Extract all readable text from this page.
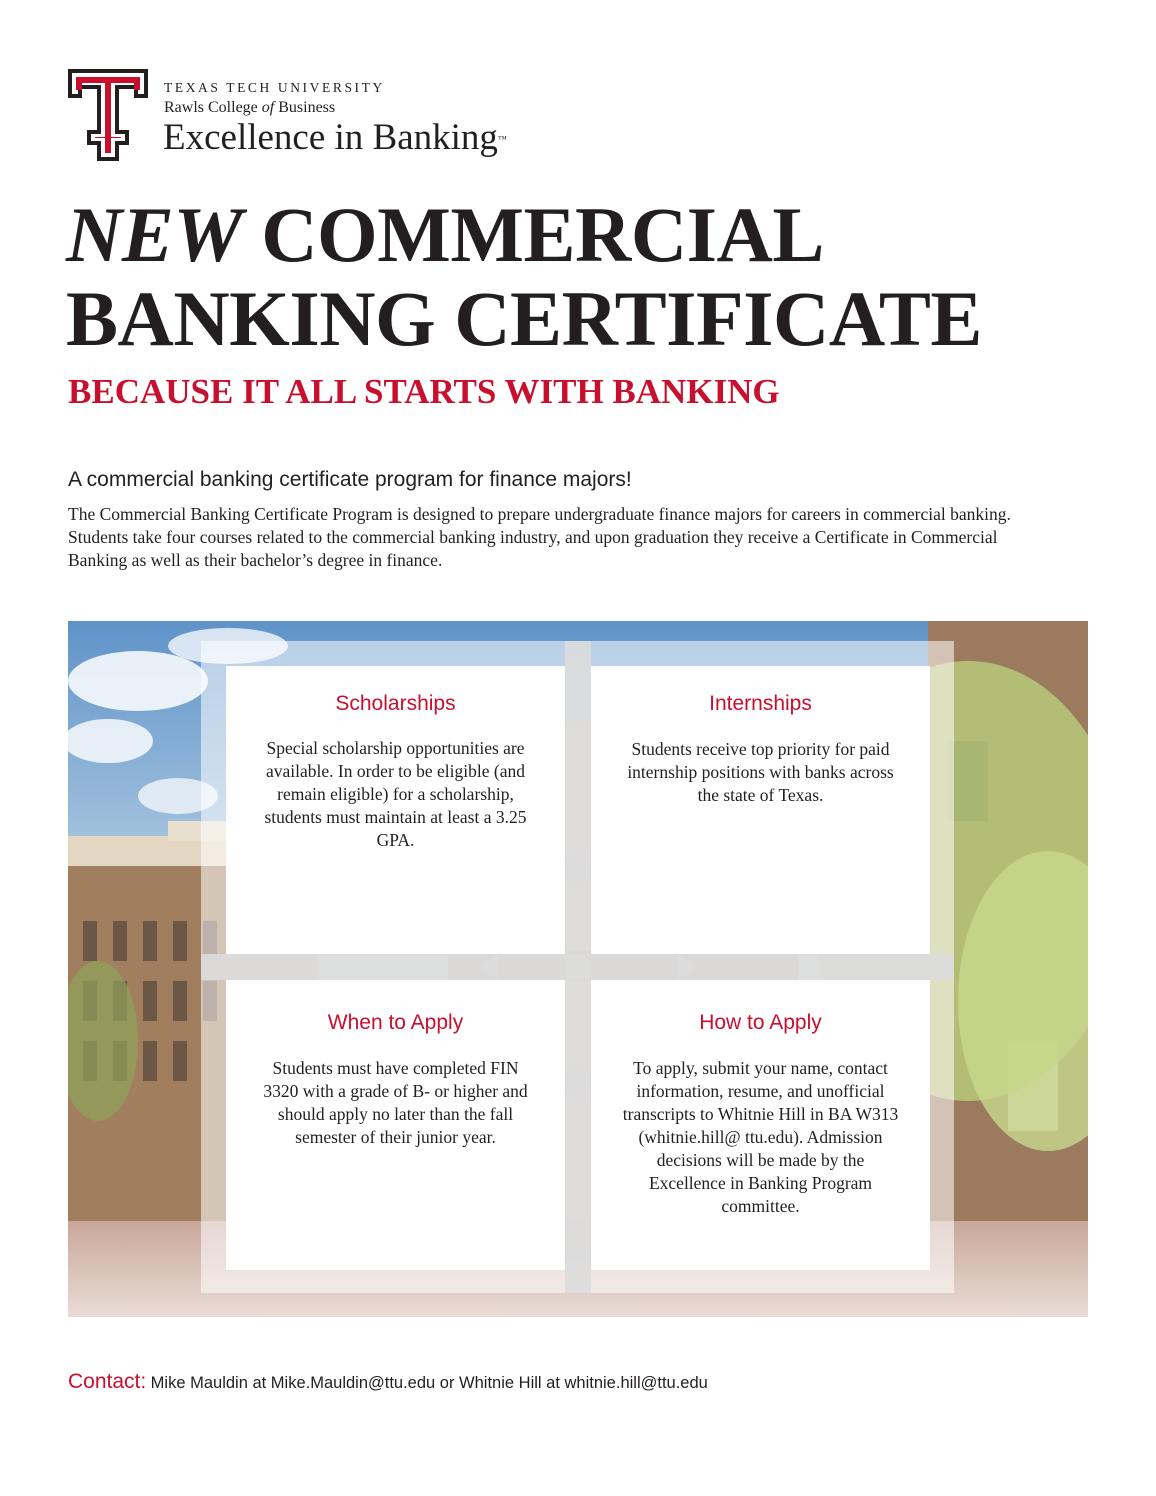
TEXAS TECH UNIVERSITY
Rawls College of Business
Excellence in Banking™
NEW COMMERCIAL
BANKING CERTIFICATE
BECAUSE IT ALL STARTS WITH BANKING
A commercial banking certificate program for finance majors!

The Commercial Banking Certificate Program is designed to prepare undergraduate finance majors for careers in commercial banking. Students take four courses related to the commercial banking industry, and upon graduation they receive a Certificate in Commercial Banking as well as their bachelor’s degree in finance.

Scholarships

Special scholarship opportunities are available. In order to be eligible (and remain eligible) for a scholarship, students must maintain at least a 3.25 GPA.

Internships

Students receive top priority for paid internship positions with banks across the state of Texas.

When to Apply

Students must have completed FIN 3320 with a grade of B- or higher and should apply no later than the fall semester of their junior year.

How to Apply

To apply, submit your name, contact information, resume, and unofficial transcripts to Whitnie Hill in BA W313 (whitnie.hill@ ttu.edu). Admission decisions will be made by the Excellence in Banking Program committee.

Contact: Mike Mauldin at Mike.Mauldin@ttu.edu or Whitnie Hill at whitnie.hill@ttu.edu
